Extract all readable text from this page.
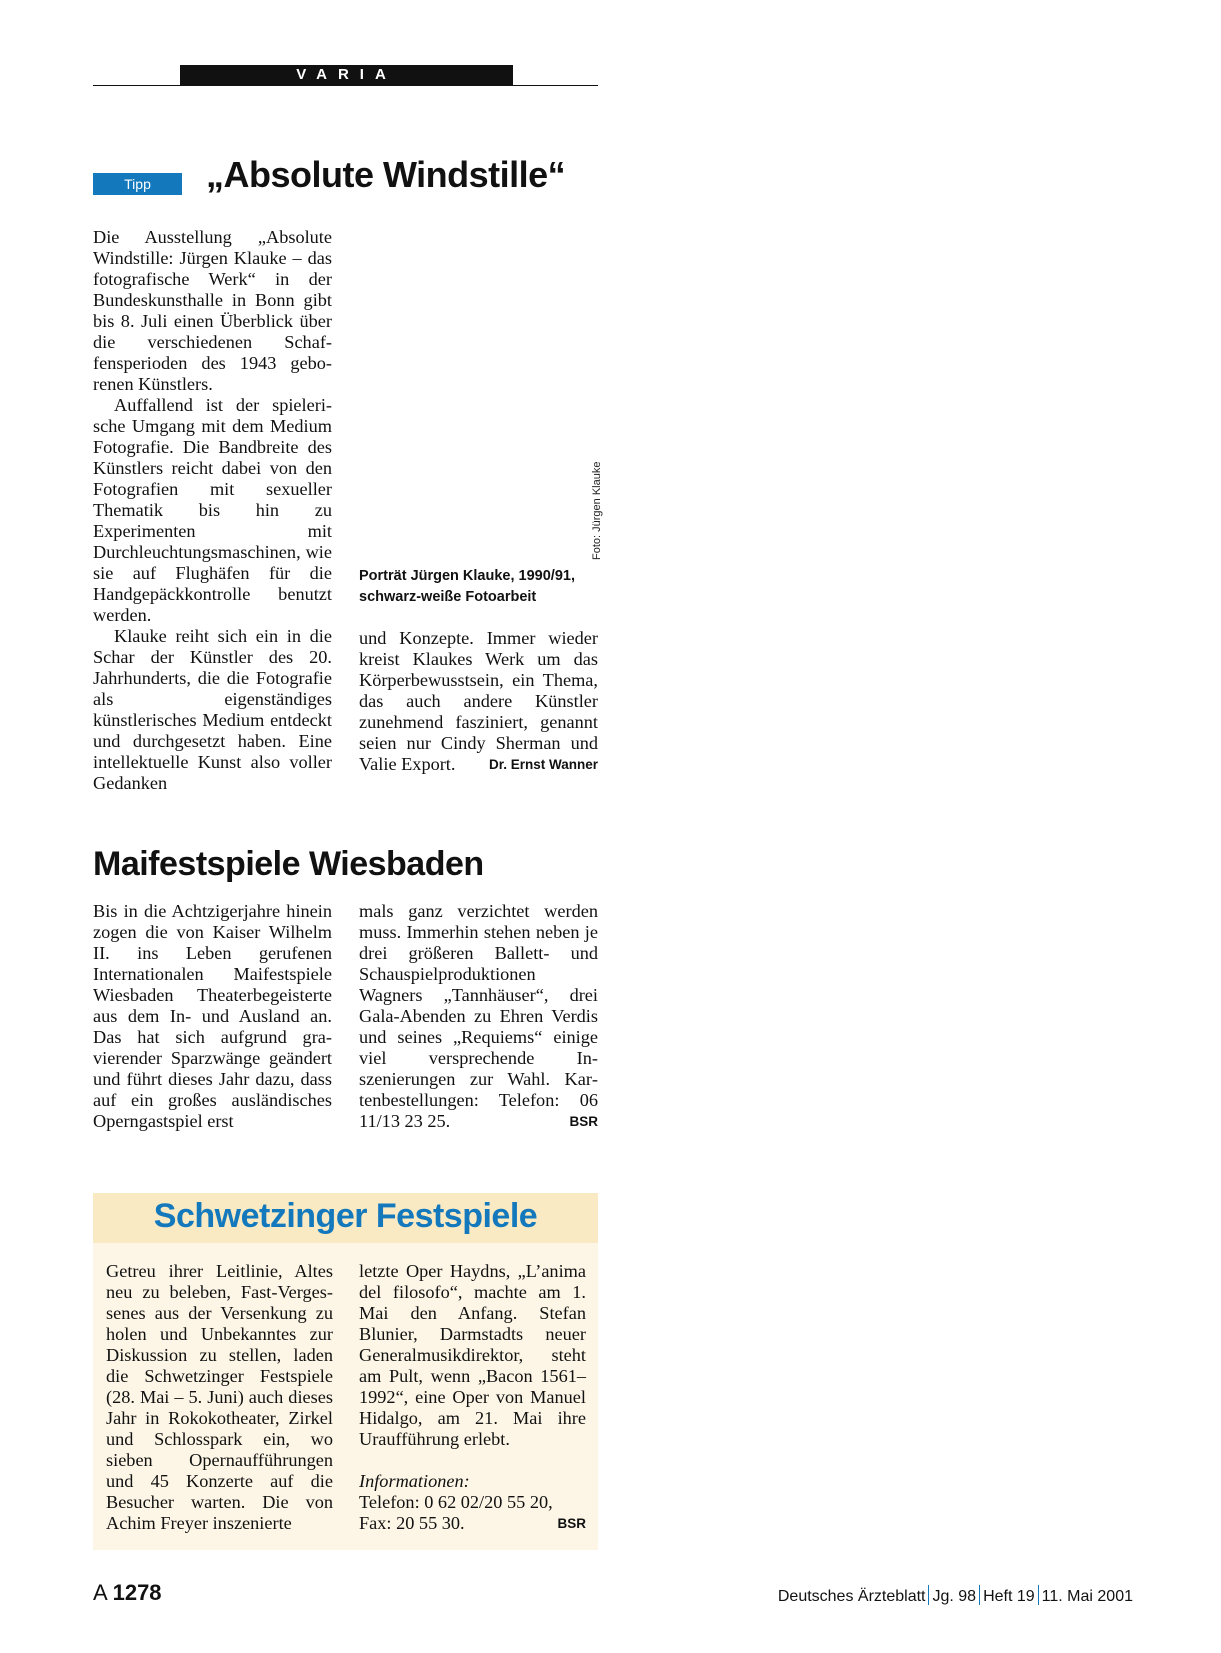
VARIA
Tipp	„Absolute Windstille“

Die Ausstellung „Absolute Windstille: Jürgen Klauke – das fotografische Werk“ in der Bundeskunsthalle in Bonn gibt bis 8. Juli einen Überblick über die verschiedenen Schaffensperioden des 1943 geborenen Künstlers.

Auffallend ist der spielerische Umgang mit dem Medium Fotografie. Die Bandbreite des Künstlers reicht dabei von den Fotografien mit sexueller Thematik bis hin zu Experimenten mit Durchleuchtungsmaschinen, wie sie auf Flughäfen für die Handgepäckkontrolle benutzt werden.

Klauke reiht sich ein in die Schar der Künstler des 20. Jahrhunderts, die die Fotografie als eigenständiges künstlerisches Medium entdeckt und durchgesetzt haben. Eine intellektuelle Kunst also voller Gedanken

Porträt Jürgen Klauke, 1990/91,
schwarz-weiße Fotoarbeit
Foto: Jürgen Klauke

und Konzepte. Immer wieder kreist Klaukes Werk um das Körperbewusstsein, ein Thema, das auch andere Künstler zunehmend fasziniert, genannt seien nur Cindy Sherman und Valie Export. Dr. Ernst Wanner

Maifestspiele Wiesbaden

Bis in die Achtzigerjahre hinein zogen die von Kaiser Wilhelm II. ins Leben gerufenen Internationalen Maifestspiele Wiesbaden Theaterbegeisterte aus dem In- und Ausland an. Das hat sich aufgrund gravierender Sparzwänge geändert und führt dieses Jahr dazu, dass auf ein großes ausländisches Operngastspiel erst

mals ganz verzichtet werden muss. Immerhin stehen neben je drei größeren Ballett- und Schauspielproduktionen Wagners „Tannhäuser“, drei Gala-Abenden zu Ehren Verdis und seines „Requiems“ einige viel versprechende Inszenierungen zur Wahl. Kartenbestellungen: Telefon: 06 11/13 23 25.	BSR

Schwetzinger Festspiele

Getreu ihrer Leitlinie, Altes neu zu beleben, Fast-Vergessenes aus der Versenkung zu holen und Unbekanntes zur Diskussion zu stellen, laden die Schwetzinger Festspiele (28. Mai – 5. Juni) auch dieses Jahr in Rokokotheater, Zirkel und Schlosspark ein, wo sieben Opernaufführungen und 45 Konzerte auf die Besucher warten. Die von Achim Freyer inszenierte

letzte Oper Haydns, „L’anima del filosofo“, machte am 1. Mai den Anfang. Stefan Blunier, Darmstadts neuer Generalmusikdirektor, steht am Pult, wenn „Bacon 1561–1992“, eine Oper von Manuel Hidalgo, am 21. Mai ihre Uraufführung erlebt.

Informationen:

Telefon: 0 62 02/20 55 20,

Fax: 20 55 30.	BSR

A 1278	Deutsches Ärzteblatt Jg. 98 Heft 19 11. Mai 2001
